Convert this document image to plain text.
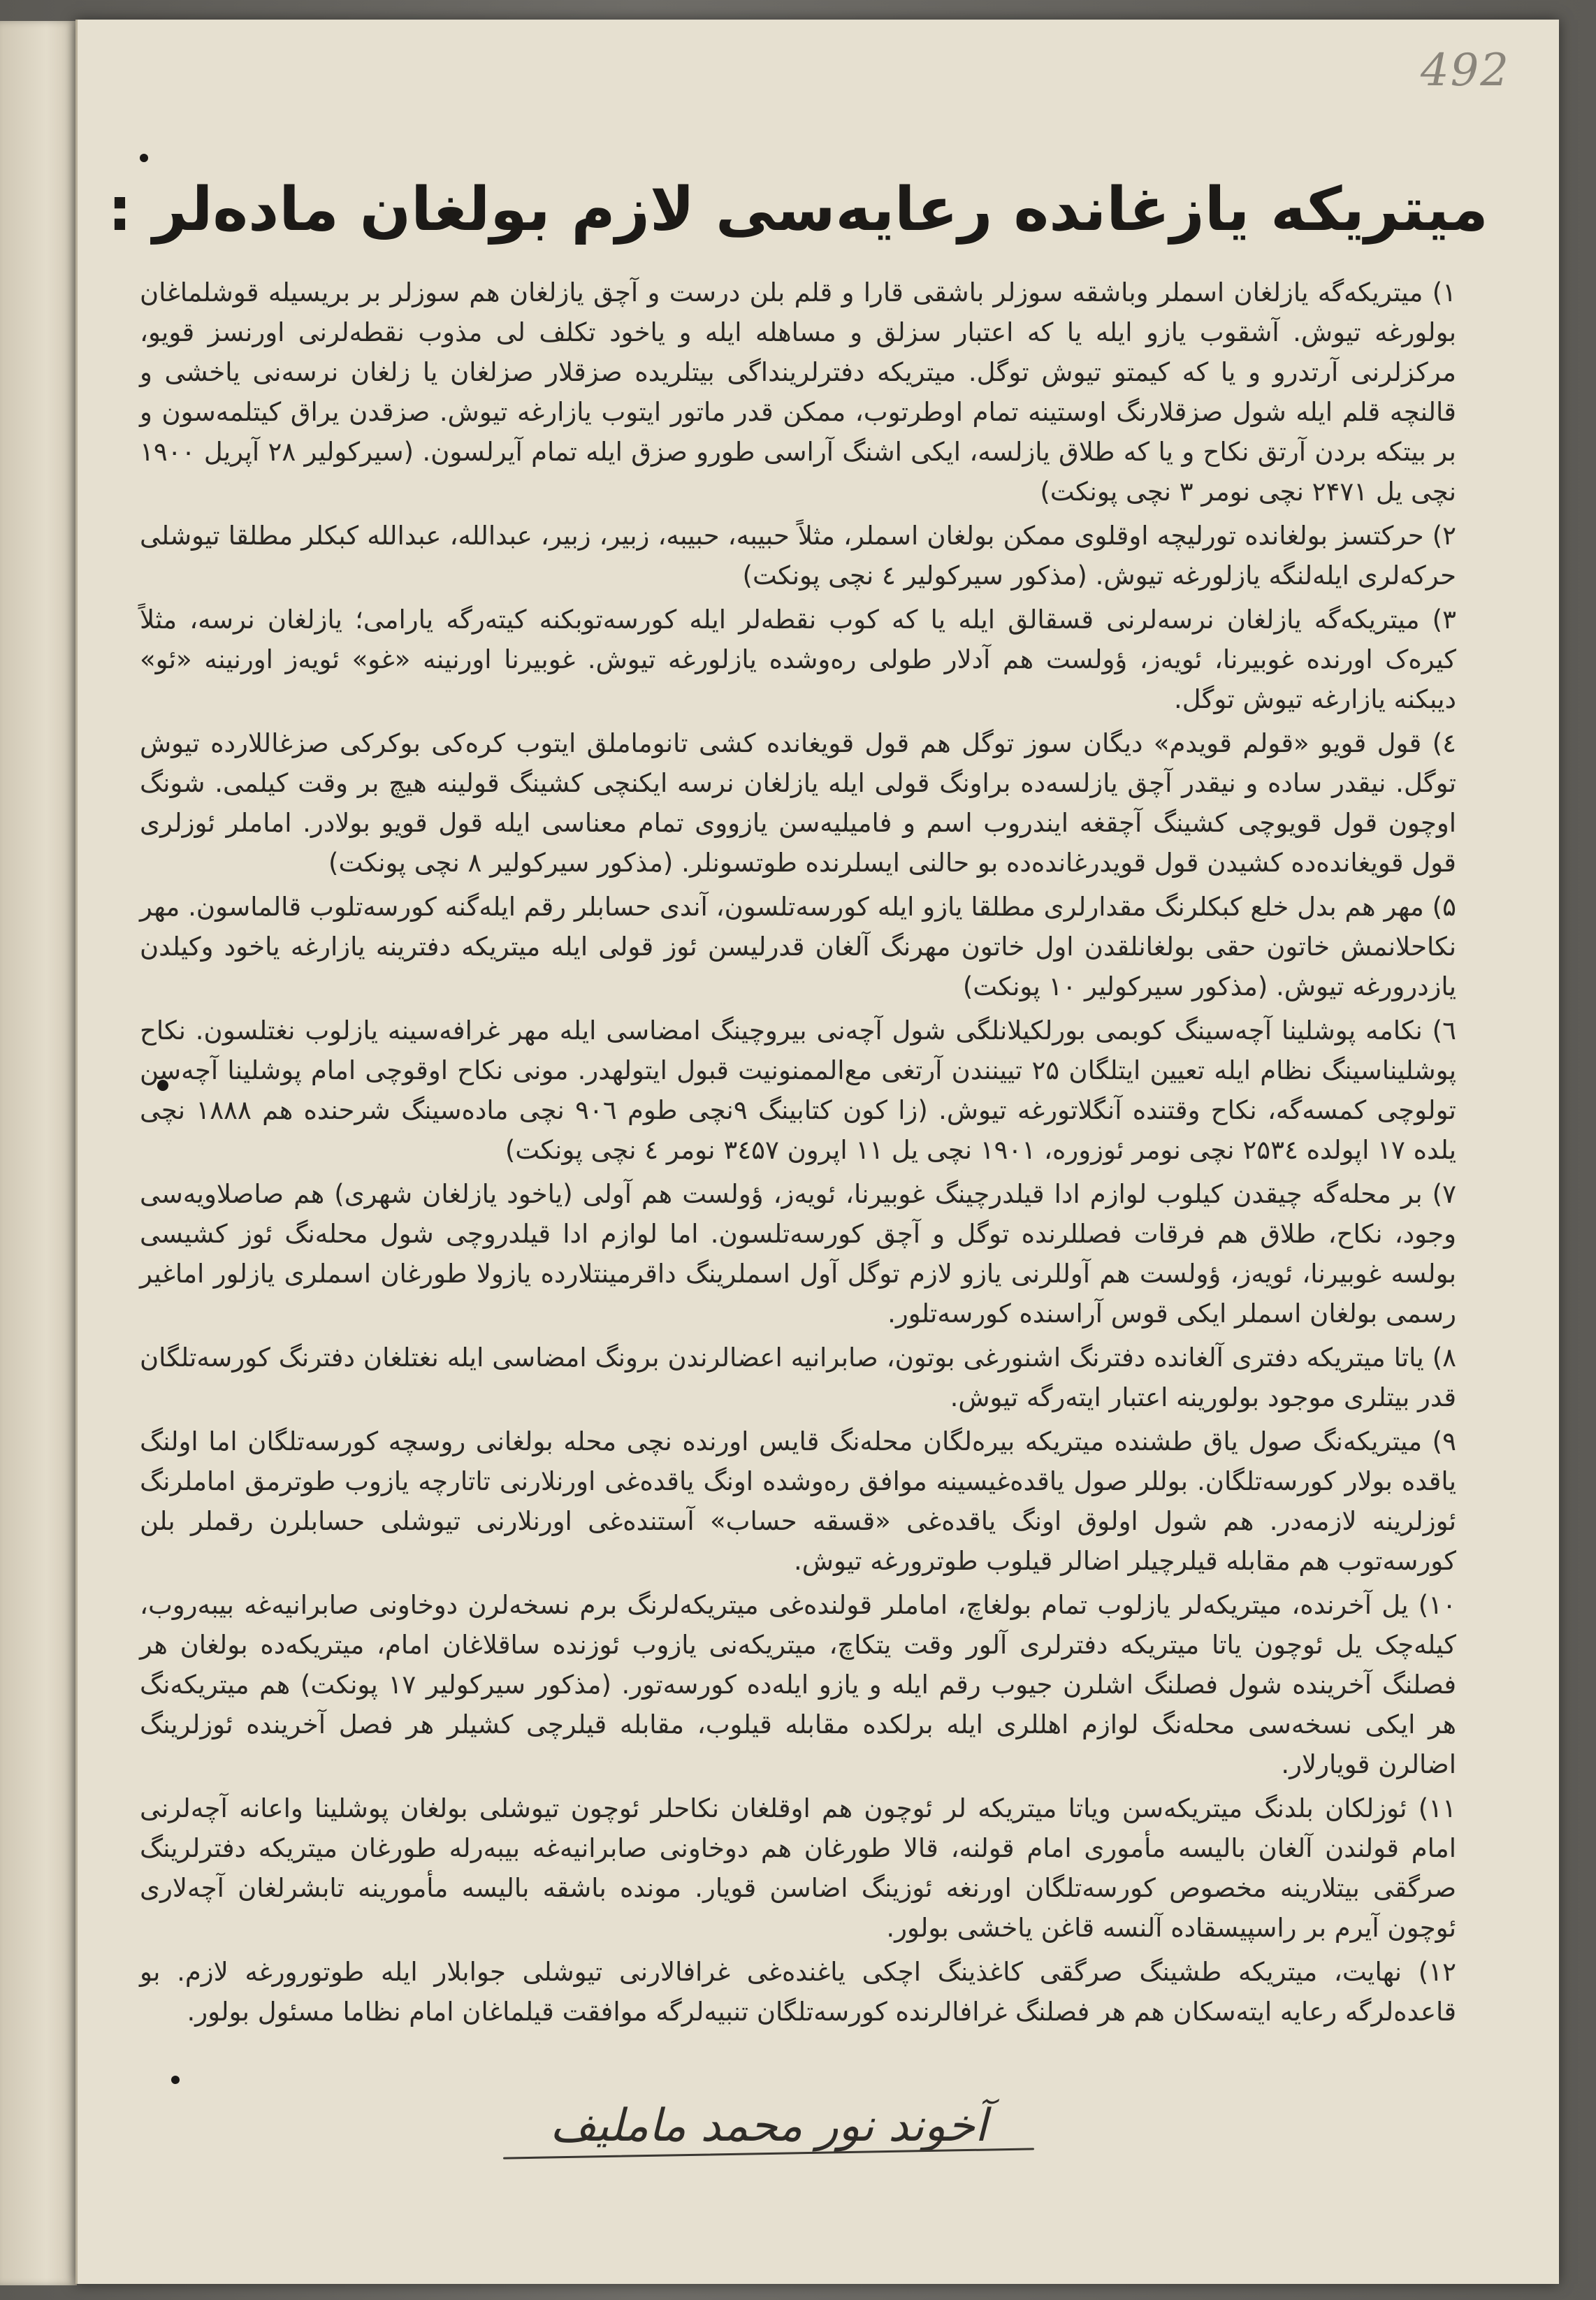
492
میتریکه یازغانده رعایه‌سی لازم بولغان ماده‌لر :

۱) میتریکه‌گه یازلغان اسملر وباشقه سوزلر باشقی قارا و قلم بلن درست و آچق یازلغان هم سوزلر بر بریسیله قوشلماغان بولورغه تیوش. آشقوب یازو ایله یا که اعتبار سزلق و مساهله ایله و یاخود تکلف لی مذوب نقطه‌لرنی اورنسز قویو، مرکزلرنی آرتدرو و یا که کیمتو تیوش توگل. میتریکه دفترلرینداگی بیتلریده صزقلار صزلغان یا زلغان نرسه‌نی یاخشی و قالنچه قلم ایله شول صزقلارنگ اوستینه تمام اوطرتوب، ممکن قدر ماتور ایتوب یازارغه تیوش. صزقدن یراق کیتلمه‌سون و بر بیتکه بردن آرتق نکاح و یا که طلاق یازلسه، ایکی اشنگ آراسی طورو صزق ایله تمام آیرلسون. (سیرکولیر ۲۸ آپریل ۱۹۰۰ نچی یل ۲۴۷۱ نچی نومر ۳ نچی پونکت)

۲) حرکتسز بولغانده تورلیچه اوقلوی ممکن بولغان اسملر، مثلاً حبیبه، حبیبه، زبیر، زبیر، عبدالله، عبدالله کبکلر مطلقا تیوشلی حرکه‌لری ایله‌لنگه یازلورغه تیوش. (مذکور سیرکولیر ٤ نچی پونکت)

۳) میتریکه‌گه یازلغان نرسه‌لرنی قسقالق ایله یا که کوب نقطه‌لر ایله کورسه‌توبکنه کیته‌رگه یارامی؛ یازلغان نرسه، مثلاً کیره‌ک اورنده غوبیرنا، ئویه‌ز، ؤولست هم آدلار طولی ره‌وشده یازلورغه تیوش. غوبیرنا اورنینه «غو» ئویه‌ز اورنینه «ئو» دیبکنه یازارغه تیوش توگل.

٤) قول قویو «قولم قویدم» دیگان سوز توگل هم قول قویغانده کشی تانوماملق ایتوب کره‌کی بوکرکی صزغاللارده تیوش توگل. نیقدر ساده و نیقدر آچق یازلسه‌ده براونگ قولی ایله یازلغان نرسه ایکنچی کشینگ قولینه هیچ بر وقت کیلمی. شونگ اوچون قول قویوچی کشینگ آچقغه ایندروب اسم و فامیلیه‌سن یازووی تمام معناسی ایله قول قویو بولادر. اماملر ئوزلری قول قویغانده‌ده کشیدن قول قویدرغانده‌ده بو حالنی ایسلرنده طوتسونلر. (مذکور سیرکولیر ۸ نچی پونکت)

۵) مهر هم بدل خلع کبکلرنگ مقدارلری مطلقا یازو ایله کورسه‌تلسون، آندی حسابلر رقم ایله‌گنه کورسه‌تلوب قالماسون. مهر نکاحلانمش خاتون حقی بولغانلقدن اول خاتون مهرنگ آلغان قدرلیسن ئوز قولی ایله میتریکه دفترینه یازارغه یاخود وکیلدن یازدرورغه تیوش. (مذکور سیرکولیر ۱۰ پونکت)

٦) نکامه پوشلینا آچه‌سینگ کوبمی بورلکیلانلگی شول آچه‌نی بیروچینگ امضاسی ایله مهر غرافه‌سینه یازلوب نغتلسون. نکاح پوشلیناسینگ نظام ایله تعیین ایتلگان ۲۵ تیینندن آرتغی مع‌الممنونیت قبول ایتولهدر. مونی نکاح اوقوچی امام پوشلینا آچه‌سن تولوچی کمسه‌گه، نکاح وقتنده آنگلاتورغه تیوش. (زا کون کتابینگ ۹نچی طوم ۹۰٦ نچی ماده‌سینگ شرحنده هم ۱۸۸۸ نچی یلده ۱۷ اپولده ۲۵۳٤ نچی نومر ئوزوره، ۱۹۰۱ نچی یل ۱۱ اپرون ۳٤۵۷ نومر ٤ نچی پونکت)

۷) بر محله‌گه چیقدن کیلوب لوازم ادا قیلدرچینگ غوبیرنا، ئویه‌ز، ؤولست هم آولی (یاخود یازلغان شهری) هم صاصلاویه‌سی وجود، نکاح، طلاق هم فرقات فصللرنده توگل و آچق کورسه‌تلسون. اما لوازم ادا قیلدروچی شول محله‌نگ ئوز کشیسی بولسه غوبیرنا، ئویه‌ز، ؤولست هم آوللرنی یازو لازم توگل آول اسملرینگ داقرمینتلارده یازولا طورغان اسملری یازلور اماغیر رسمی بولغان اسملر ایکی قوس آراسنده کورسه‌تلور.

۸) یا‌تا میتریکه دفتری آلغانده دفترنگ اشنورغی بوتون، صابرانیه اعضالرندن برونگ امضاسی ایله نغتلغان دفترنگ کورسه‌تلگان قدر بیتلری موجود بولورینه اعتبار ایته‌رگه تیوش.

۹) میتریکه‌نگ صول یاق طشنده میتریکه بیره‌لگان محله‌نگ قایس اورنده‌ نچی محله بولغانی روسچه کورسه‌تلگان اما اولنگ یاقده بولار کورسه‌تلگان. بوللر صول یاقده‌غیسینه موافق ره‌وشده اونگ یاقده‌غی اورنلارنی‌ تاتارچه یازوب طوترمق اماملرنگ ئوزلرینه لازمه‌در. هم شول اولوق اونگ یاقده‌غی «قسقه حساب» آستنده‌غی اورنلارنی تیوشلی حسابلرن رقملر بلن کورسه‌توب هم مقابله قیلرچیلر اضالر قیلوب طوترورغه تیوش.

۱۰) یل آخرنده، میتریکه‌لر یازلوب تمام بولغاچ، اماملر قولنده‌غی میتریکه‌لرنگ برم نسخه‌لرن دوخاونی صابرانیه‌غه بیبه‌روب، کیله‌چک یل ئوچون یا‌تا میتریکه دفترلری آلور وقت یتکاچ، میتریکه‌نی یازوب ئوزنده ساقلاغان امام، میتریکه‌ده بولغان هر فصلنگ آخرینده شول فصلنگ اشلرن جیوب رقم ایله و یازو ایله‌ده کورسه‌تور. (مذکور سیرکولیر ۱۷ پونکت) هم میتریکه‌نگ هر ایکی نسخه‌سی محله‌نگ لوازم اهللری ایله برلکده مقابله قیلوب، مقابله قیلرچی کشیلر هر فصل آخرینده ئوزلرینگ اضالرن قویارلار.

۱۱) ئوزلکان بلدنگ میتریکه‌سن ویا‌تا میتریکه لر ئوچون هم اوقلغان نکاحلر ئوچون تیوشلی بولغان پوشلینا واعانه آچه‌لرنی امام قولندن آلغان بالیسه مأموری امام قولنه، قالا طورغان هم دوخاونی صابرانیه‌غه بیبه‌رله طورغان میتریکه دفترلرینگ صرگقی بیتلارینه مخصوص کورسه‌تلگان اورنغه ئوزینگ اضاسن قویار. مونده باشقه بالیسه مأمورینه تابشرلغان آچه‌لاری ئوچون آیرم بر راسپیسقاده آلنسه قاغن یاخشی بولور.

۱۲) نهایت، میتریکه طشینگ صرگقی کاغذینگ اچکی یاغنده‌غی غرافالارنی تیوشلی جوابلار ایله طوتورورغه لازم. بو قاعده‌لرگه رعایه ایته‌سکان هم هر فصلنگ غرافالرنده کورسه‌تلگان تنبیه‌لرگه موافقت قیلماغان امام نظاما مسئول بولور.

آخوند نور محمد ماملیف
